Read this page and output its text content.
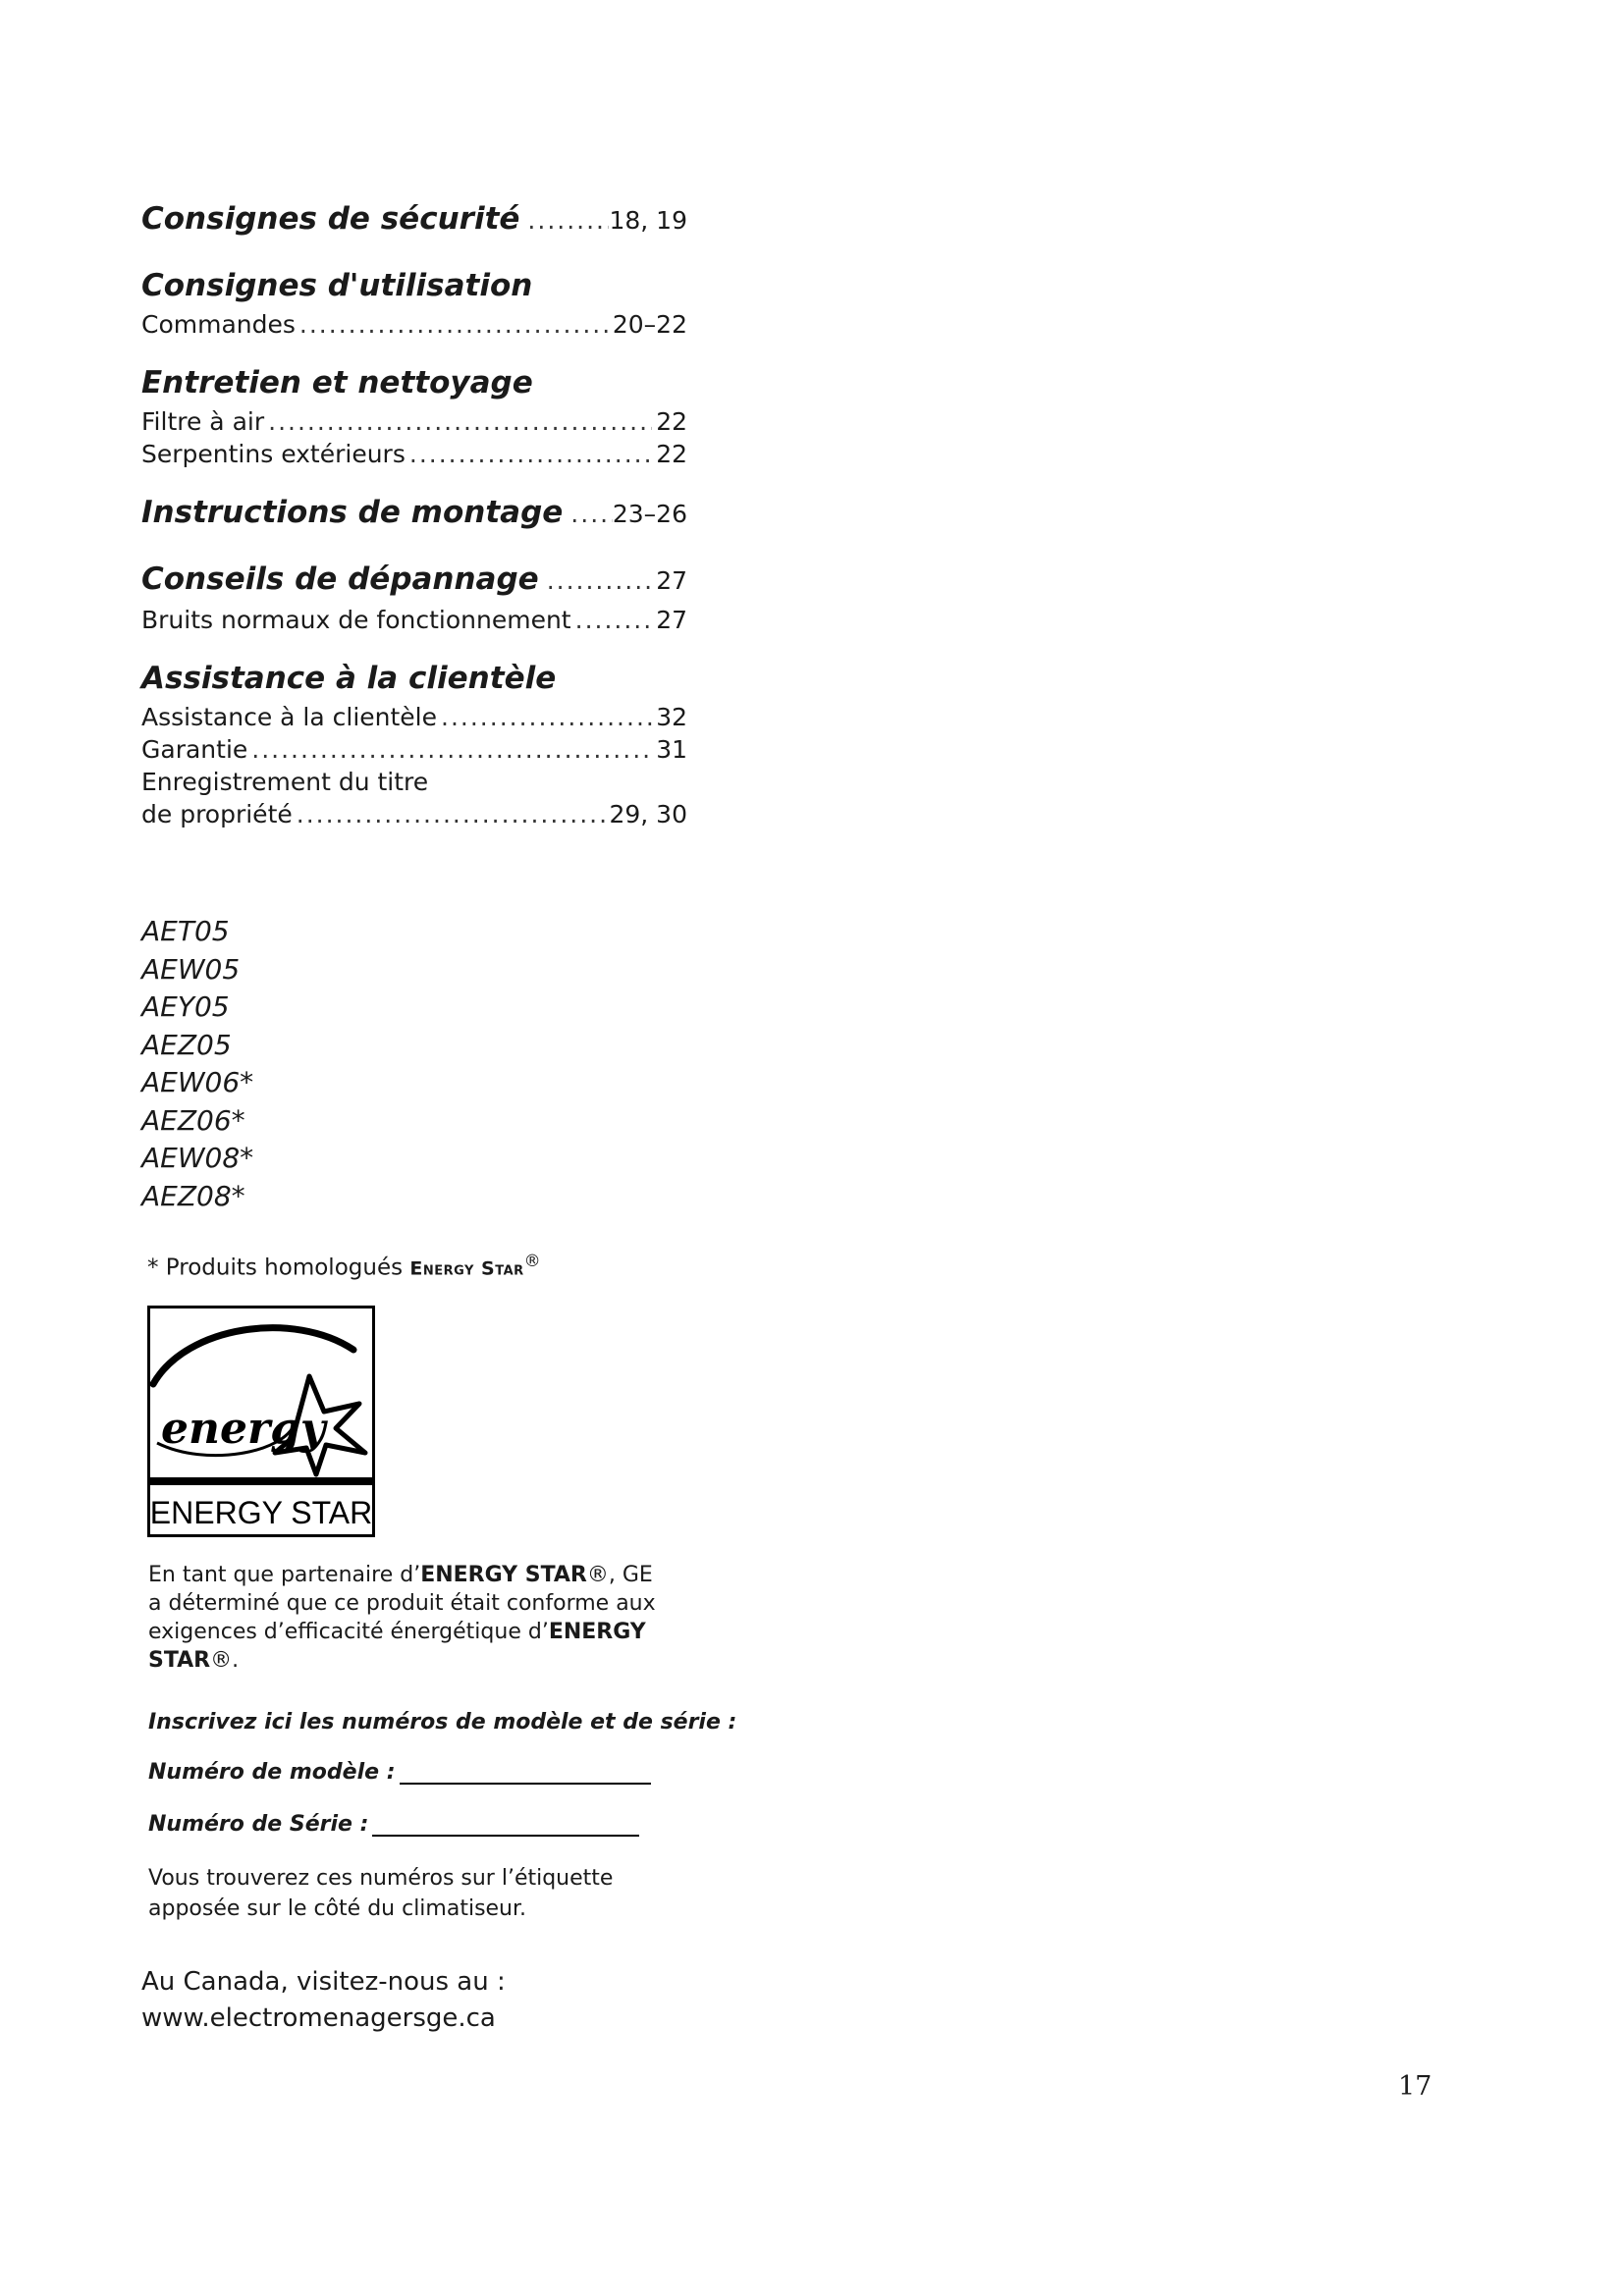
Consignes de sécurité .....	18, 19
Consignes d'utilisation
Commandes .....	20–22
Entretien et nettoyage
Filtre à air .....	22
Serpentins extérieurs .....	22
Instructions de montage ..... 23–26
Conseils de dépannage .....	27
Bruits normaux de fonctionnement .....	27
Assistance à la clientèle
Assistance à la clientèle .....	32
Garantie .....	31
Enregistrement du titre
de propriété .....	29, 30
AET05
AEW05
AEY05
AEZ05
AEW06*
AEZ06*
AEW08*
AEZ08*
* Produits homologués Energy Star®
energy
ENERGY STAR
En tant que partenaire d’ENERGY STAR®, GE a déterminé que ce produit était conforme aux exigences d’efficacité énergétique d’ENERGY STAR®.
Inscrivez ici les numéros de modèle et de série :
Numéro de modèle :
Numéro de Série :
Vous trouverez ces numéros sur l’étiquette apposée sur le côté du climatiseur.
Au Canada, visitez-nous au :
www.electromenagersge.ca
17
